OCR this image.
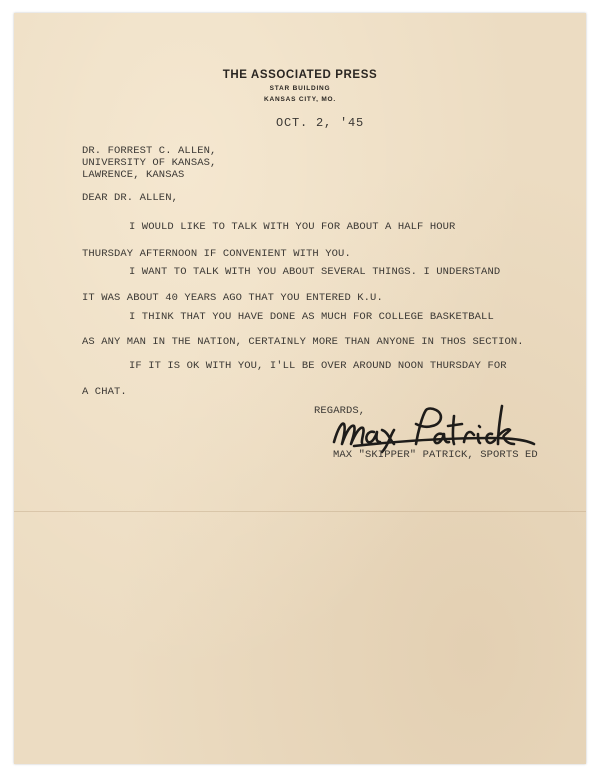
THE ASSOCIATED PRESS
STAR BUILDING
KANSAS CITY, MO.
OCT. 2, '45
DR. FORREST C. ALLEN,
UNIVERSITY OF KANSAS,
LAWRENCE, KANSAS
DEAR DR. ALLEN,
I WOULD LIKE TO TALK WITH YOU FOR ABOUT A HALF HOUR
THURSDAY AFTERNOON IF CONVENIENT WITH YOU.
I WANT TO TALK WITH YOU ABOUT SEVERAL THINGS. I UNDERSTAND
IT WAS ABOUT 40 YEARS AGO THAT YOU ENTERED K.U.
I THINK THAT YOU HAVE DONE AS MUCH FOR COLLEGE BASKETBALL
AS ANY MAN IN THE NATION, CERTAINLY MORE THAN ANYONE IN THOS SECTION.
IF IT IS OK WITH YOU, I'LL BE OVER AROUND NOON THURSDAY FOR
A CHAT.
REGARDS,
MAX "SKIPPER" PATRICK, SPORTS ED
